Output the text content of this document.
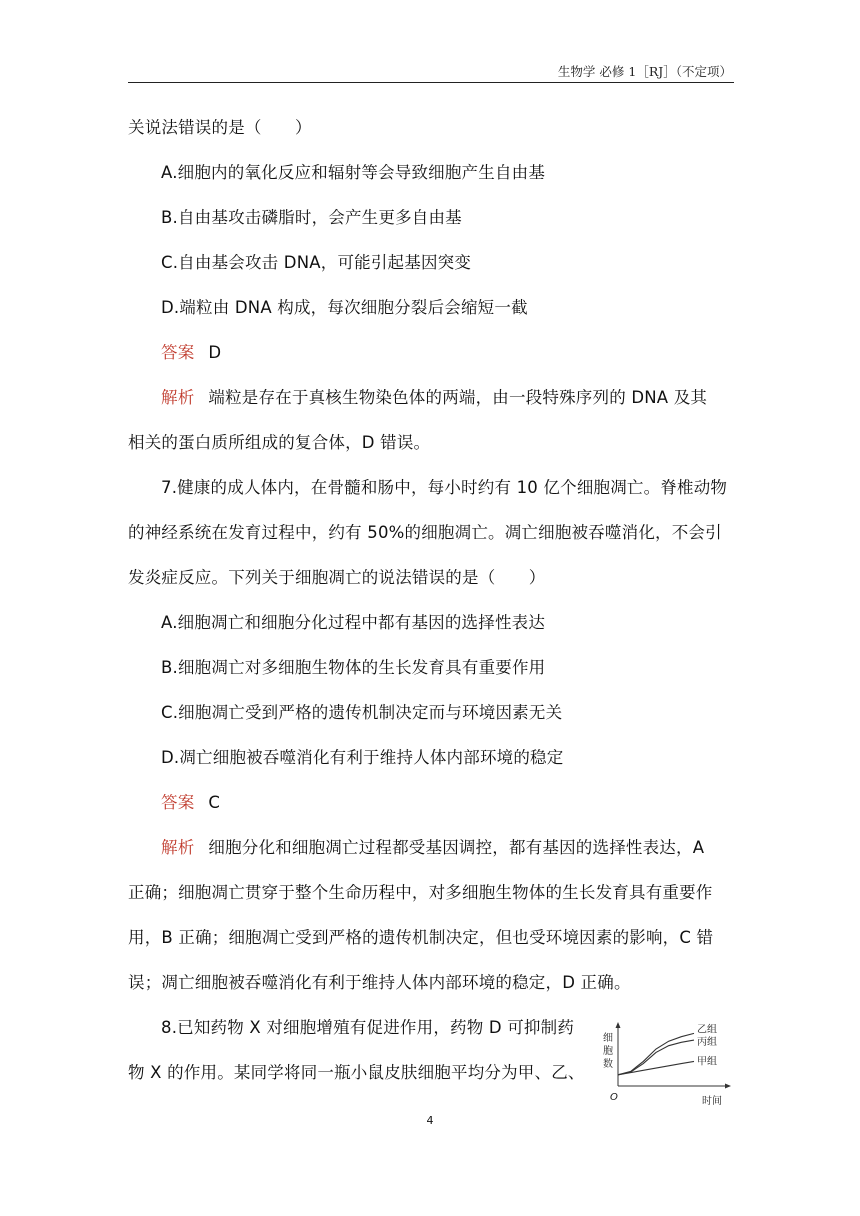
生物学 必修 1［RJ］（不定项）
关说法错误的是（　　）
A.细胞内的氧化反应和辐射等会导致细胞产生自由基
B.自由基攻击磷脂时，会产生更多自由基
C.自由基会攻击 DNA，可能引起基因突变
D.端粒由 DNA 构成，每次细胞分裂后会缩短一截
答案 D
解析 端粒是存在于真核生物染色体的两端，由一段特殊序列的 DNA 及其
相关的蛋白质所组成的复合体，D 错误。
7.健康的成人体内，在骨髓和肠中，每小时约有 10 亿个细胞凋亡。脊椎动物
的神经系统在发育过程中，约有 50%的细胞凋亡。凋亡细胞被吞噬消化，不会引
发炎症反应。下列关于细胞凋亡的说法错误的是（　　）
A.细胞凋亡和细胞分化过程中都有基因的选择性表达
B.细胞凋亡对多细胞生物体的生长发育具有重要作用
C.细胞凋亡受到严格的遗传机制决定而与环境因素无关
D.凋亡细胞被吞噬消化有利于维持人体内部环境的稳定
答案 C
解析 细胞分化和细胞凋亡过程都受基因调控，都有基因的选择性表达，A
正确；细胞凋亡贯穿于整个生命历程中，对多细胞生物体的生长发育具有重要作
用，B 正确；细胞凋亡受到严格的遗传机制决定，但也受环境因素的影响，C 错
误；凋亡细胞被吞噬消化有利于维持人体内部环境的稳定，D 正确。
8.已知药物 X 对细胞增殖有促进作用，药物 D 可抑制药
物 X 的作用。某同学将同一瓶小鼠皮肤细胞平均分为甲、乙、
细
胞
数
O	时间
乙组
丙组
甲组
4
